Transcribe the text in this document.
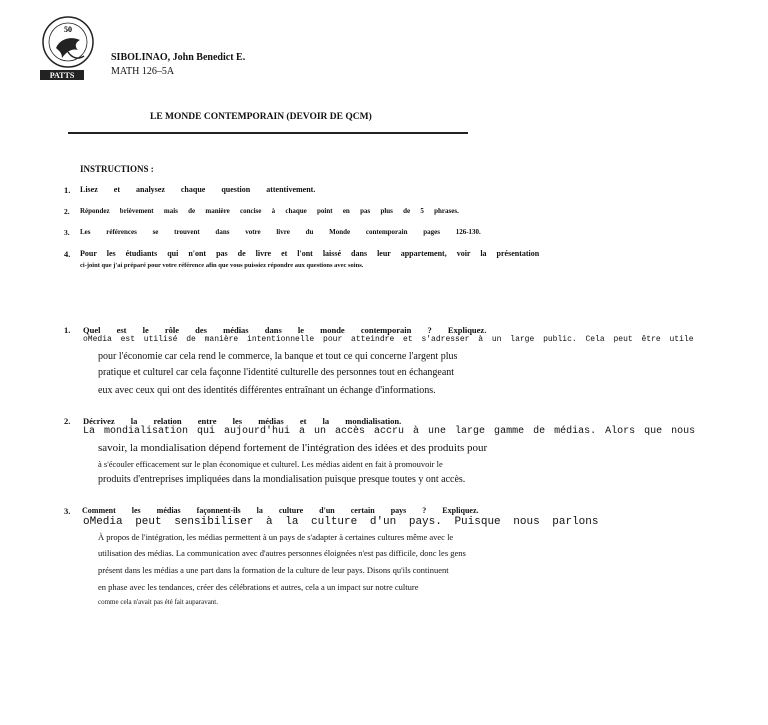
50
PATTS
SIBOLINAO, John Benedict E.
MATH 126–5A
LE MONDE CONTEMPORAIN (DEVOIR DE QCM)
INSTRUCTIONS :
1. Lisez et analysez chaque question attentivement.
2. Répondez brièvement mais de manière concise à chaque point en pas plus de 5 phrases.
3. Les références se trouvent dans votre livre du Monde contemporain pages 126-130.
4. Pour les étudiants qui n'ont pas de livre et l'ont laissé dans leur appartement, voir la présentation
ci-joint que j'ai préparé pour votre référence afin que vous puissiez répondre aux questions avec soins.
1. Quel est le rôle des médias dans le monde contemporain ? Expliquez.
oMedia est utilisé de manière intentionnelle pour atteindre et s'adresser à un large public. Cela peut être utile
pour l'économie car cela rend le commerce, la banque et tout ce qui concerne l'argent plus
pratique et culturel car cela façonne l'identité culturelle des personnes tout en échangeant
eux avec ceux qui ont des identités différentes entraînant un échange d'informations.
2. Décrivez la relation entre les médias et la mondialisation.
La mondialisation qui aujourd'hui a un accès accru à une large gamme de médias. Alors que nous
savoir, la mondialisation dépend fortement de l'intégration des idées et des produits pour
à s'écouler efficacement sur le plan économique et culturel. Les médias aident en fait à promouvoir le
produits d'entreprises impliquées dans la mondialisation puisque presque toutes y ont accès.
3. Comment les médias façonnent-ils la culture d'un certain pays ? Expliquez.
oMedia peut sensibiliser à la culture d'un pays. Puisque nous parlons
À propos de l'intégration, les médias permettent à un pays de s'adapter à certaines cultures même avec le
utilisation des médias. La communication avec d'autres personnes éloignées n'est pas difficile, donc les gens
présent dans les médias a une part dans la formation de la culture de leur pays. Disons qu'ils continuent
en phase avec les tendances, créer des célébrations et autres, cela a un impact sur notre culture
comme cela n'avait pas été fait auparavant.
